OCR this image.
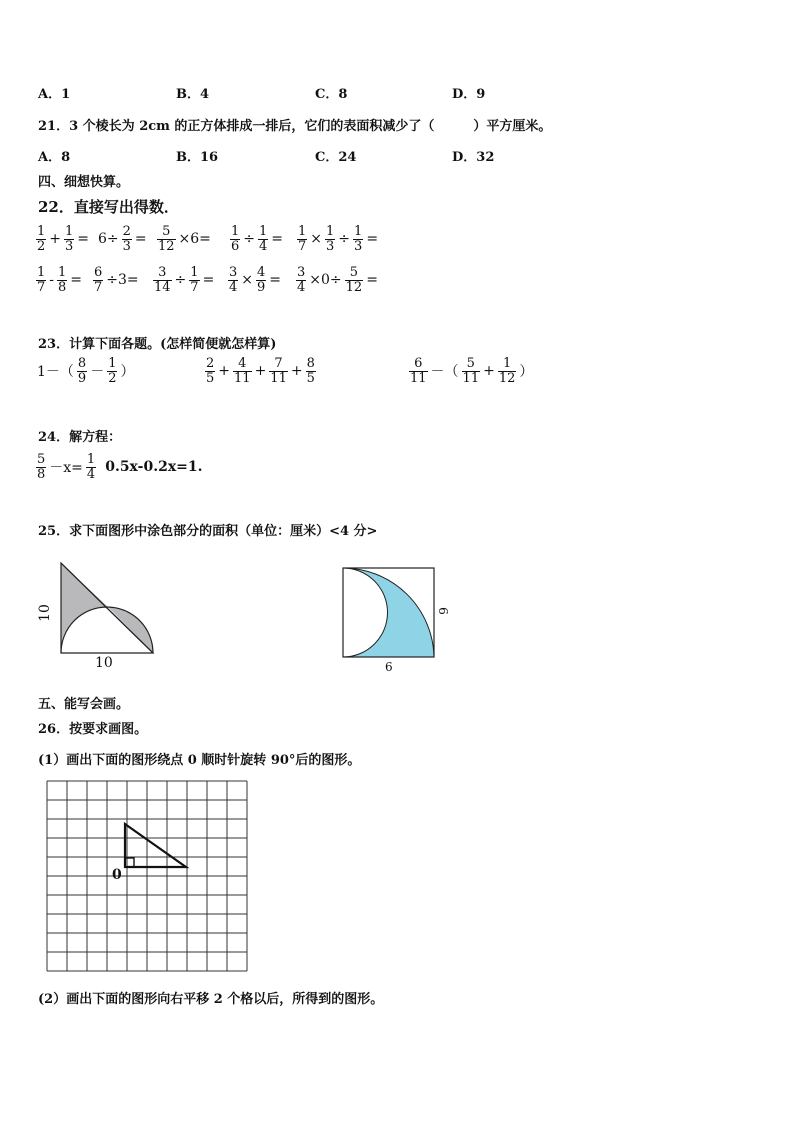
A．1	B．4	C．8	D．9
21．3 个棱长为 2cm 的正方体排成一排后，它们的表面积减少了（　　　）平方厘米。
A．8	B．16	C．24	D．32
四、细想快算。
22．直接写出得数．
$\frac{1}{2} + \frac{1}{3} = 6\div \frac{2}{3} = \frac{5}{12} \times 6= \frac{1}{6} \div \frac{1}{4} = \frac{1}{7} \times \frac{1}{3} \div \frac{1}{3}$ =
$\frac{1}{7} - \frac{1}{8} = \frac{6}{7} \div 3= \frac{3}{14} \div \frac{1}{7} = \frac{3}{4} \times \frac{4}{9} = \frac{3}{4} \times 0\div \frac{5}{12}$ =
23．计算下面各题。(怎样简便就怎样算)
$1-( \frac{8}{9} - \frac{1}{2}$ ）	$\frac{2}{5} + \frac{4}{11} + \frac{7}{11} + \frac{8}{5}$	$\frac{6}{11}$ －（ $\frac{5}{11} + \frac{1}{12}$ ）
24．解方程：
$\frac{5}{8} -x= \frac{1}{4} 0.5x-0.2x=1$.
25．求下面图形中涂色部分的面积（单位：厘米）<4 分>
10
10
6
6
五、能写会画。
26．按要求画图。
(1）画出下面的图形绕点 0 顺时针旋转 90°后的图形。
0
(2）画出下面的图形向右平移 2 个格以后，所得到的图形。
